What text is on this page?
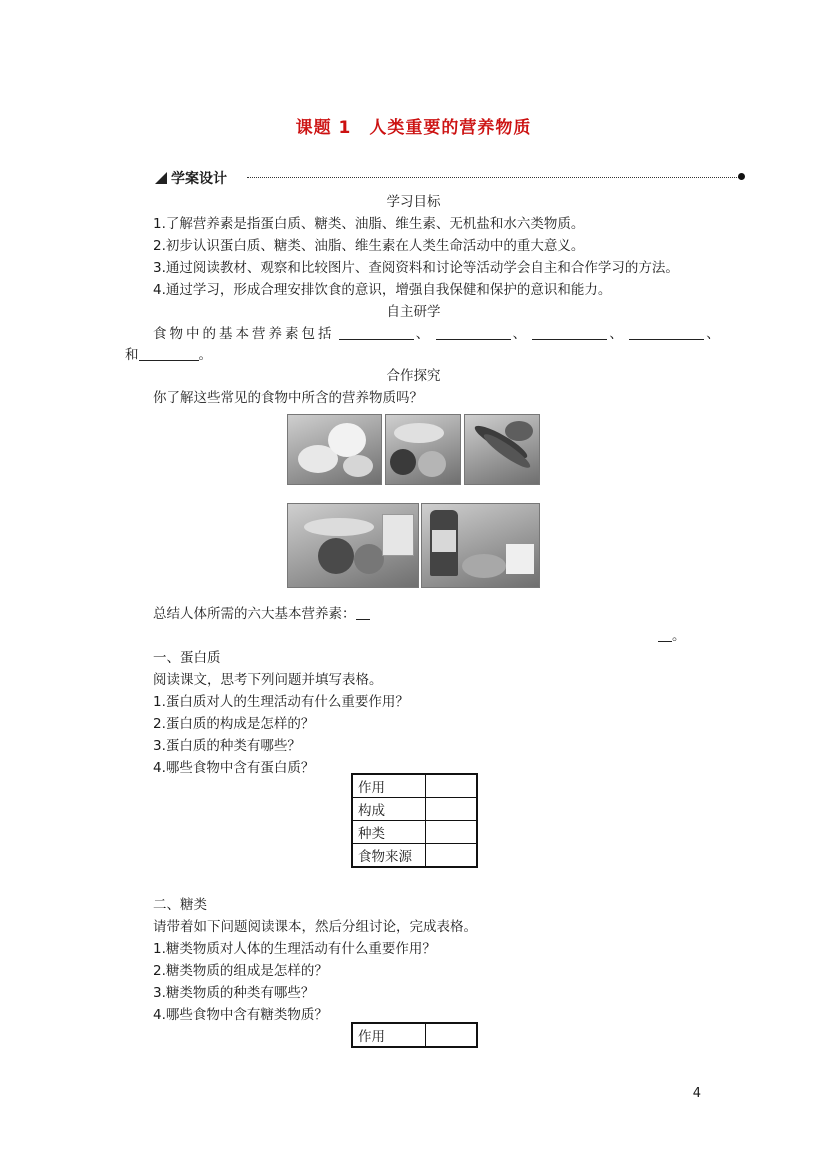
课题 1　人类重要的营养物质
学案设计
学习目标
1.了解营养素是指蛋白质、糖类、油脂、维生素、无机盐和水六类物质。
2.初步认识蛋白质、糖类、油脂、维生素在人类生命活动中的重大意义。
3.通过阅读教材、观察和比较图片、查阅资料和讨论等活动学会自主和合作学习的方法。
4.通过学习，形成合理安排饮食的意识，增强自我保健和保护的意识和能力。
自主研学
食物中的基本营养素包括	、	、	、	、
和	。
合作探究
你了解这些常见的食物中所含的营养物质吗？
总结人体所需的六大基本营养素：
。
一、蛋白质
阅读课文，思考下列问题并填写表格。
1.蛋白质对人的生理活动有什么重要作用？
2.蛋白质的构成是怎样的？
3.蛋白质的种类有哪些？
4.哪些食物中含有蛋白质？
作用	
构成	
种类	
食物来源	
二、糖类
请带着如下问题阅读课本，然后分组讨论，完成表格。
1.糖类物质对人体的生理活动有什么重要作用？
2.糖类物质的组成是怎样的？
3.糖类物质的种类有哪些？
4.哪些食物中含有糖类物质？
作用	
4
